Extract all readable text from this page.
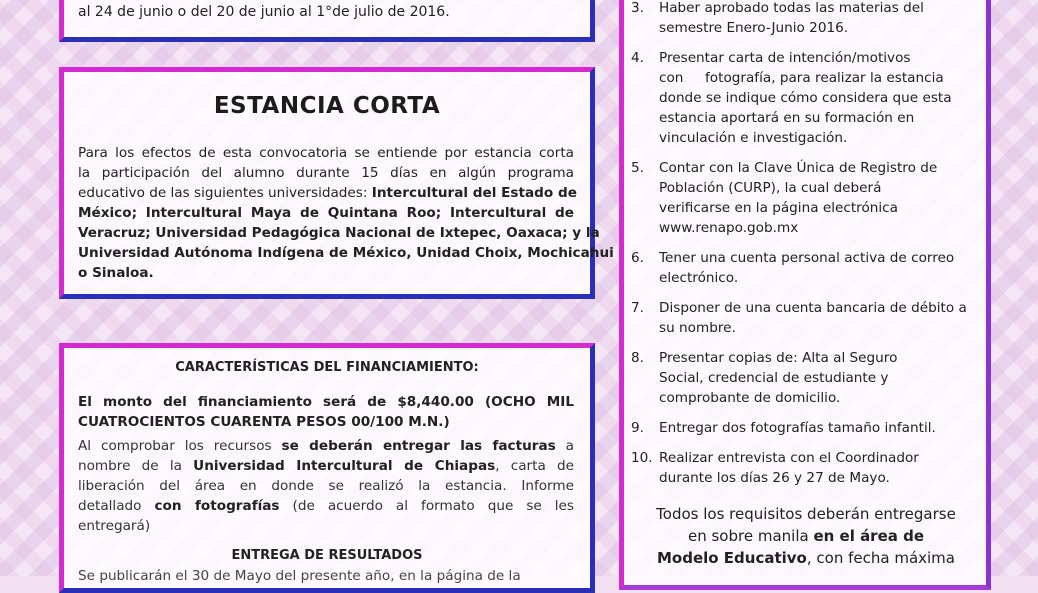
al 24 de junio o del 20 de junio al 1°de julio de 2016.
ESTANCIA CORTA
Para los efectos de esta convocatoria se entiende por estancia corta
la participación del alumno durante 15 días en algún programa
educativo de las siguientes universidades: Intercultural del Estado de
México; Intercultural Maya de Quintana Roo; Intercultural de
Veracruz; Universidad Pedagógica Nacional de Ixtepec, Oaxaca; y la
Universidad Autónoma Indígena de México, Unidad Choix, Mochicahui
o Sinaloa.
CARACTERÍSTICAS DEL FINANCIAMIENTO:
El monto del financiamiento será de $8,440.00 (OCHO MIL
CUATROCIENTOS CUARENTA PESOS 00/100 M.N.)
Al comprobar los recursos se deberán entregar las facturas a
nombre de la Universidad Intercultural de Chiapas, carta de
liberación del área en donde se realizó la estancia. Informe
detallado con fotografías (de acuerdo al formato que se les
entregará)
ENTREGA DE RESULTADOS
Se publicarán el 30 de Mayo del presente año, en la página de la
3. Haber aprobado todas las materias del
semestre Enero-Junio 2016.
4. Presentar carta de intención/motivos
con     fotografía, para realizar la estancia
donde se indique cómo considera que esta
estancia aportará en su formación en
vinculación e investigación.
5. Contar con la Clave Única de Registro de
Población (CURP), la cual deberá
verificarse en la página electrónica
www.renapo.gob.mx
6. Tener una cuenta personal activa de correo
electrónico.
7. Disponer de una cuenta bancaria de débito a
su nombre.
8. Presentar copias de: Alta al Seguro
Social, credencial de estudiante y
comprobante de domicilio.
9. Entregar dos fotografías tamaño infantil.
10. Realizar entrevista con el Coordinador
durante los días 26 y 27 de Mayo.
Todos los requisitos deberán entregarse
en sobre manila en el área de
Modelo Educativo, con fecha máxima
